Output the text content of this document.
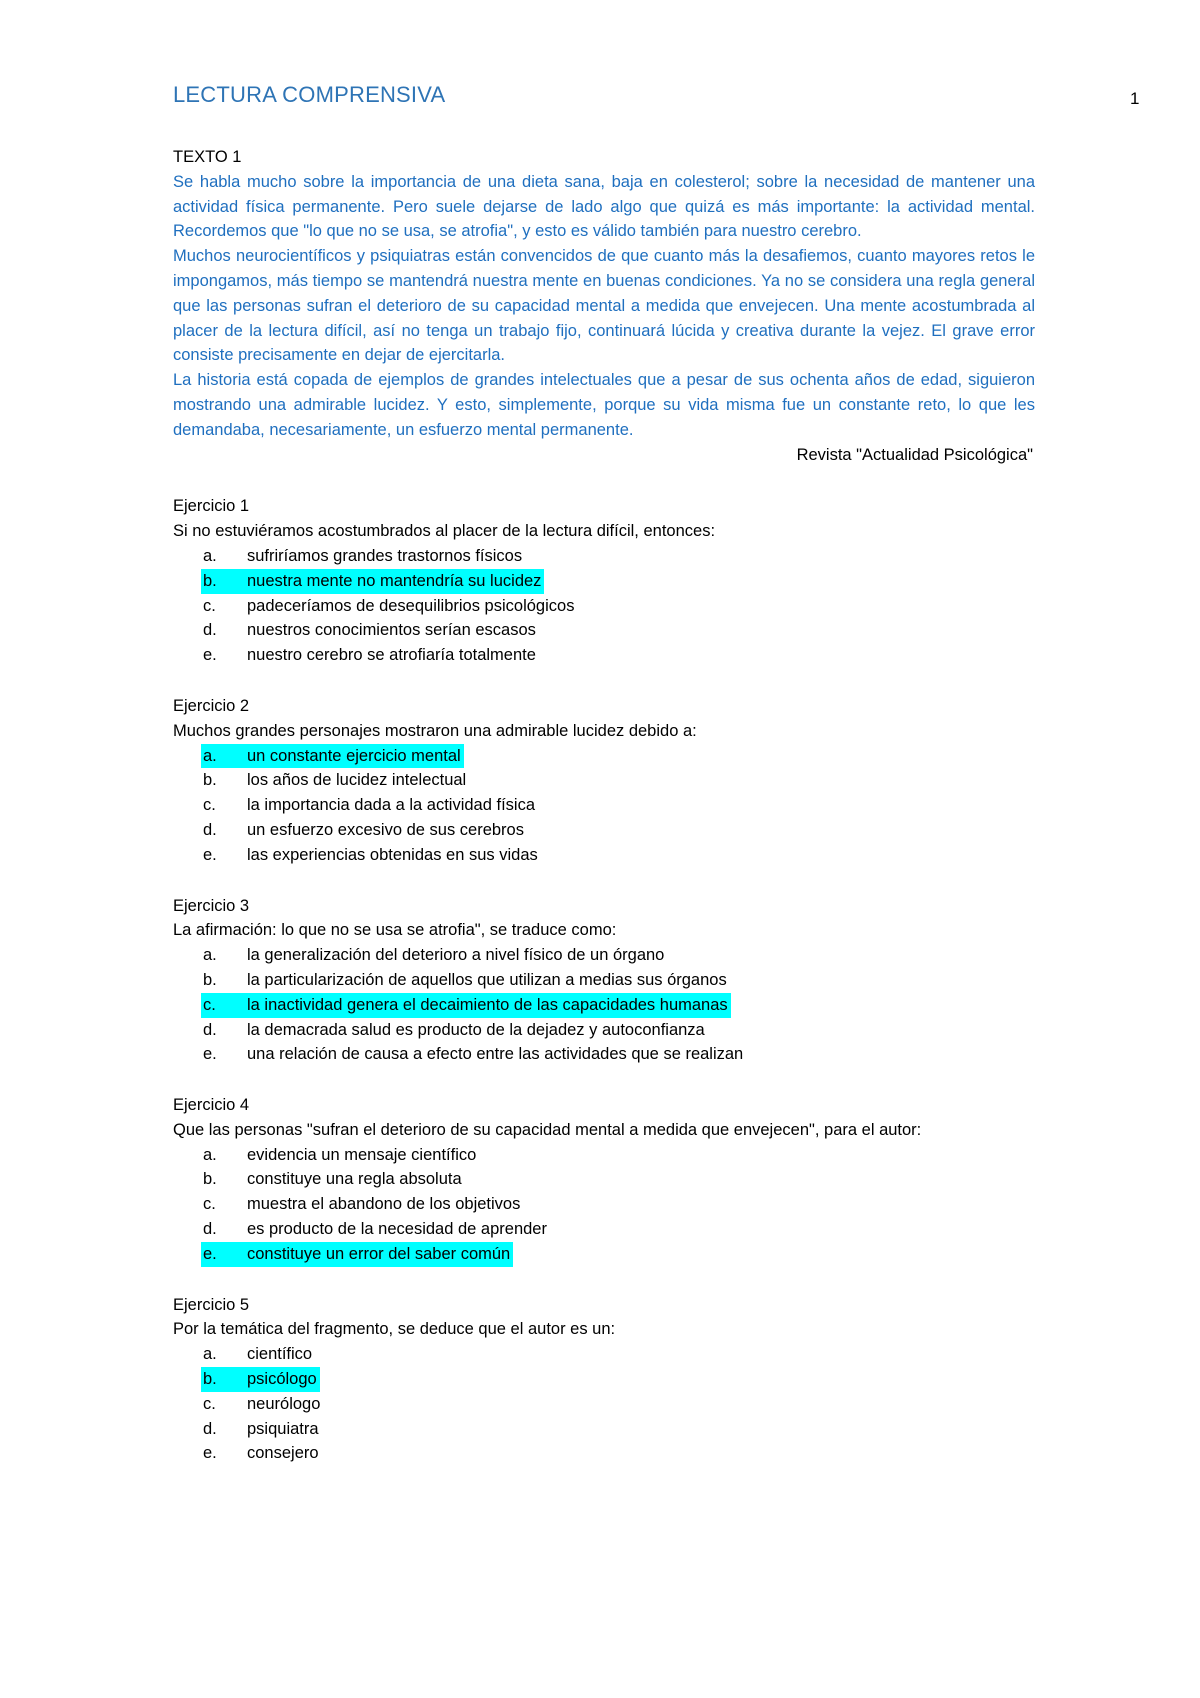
LECTURA COMPRENSIVA	1

TEXTO 1

Se habla mucho sobre la importancia de una dieta sana, baja en colesterol; sobre la necesidad de mantener una actividad física permanente. Pero suele dejarse de lado algo que quizá es más importante: la actividad mental. Recordemos que "lo que no se usa, se atrofia", y esto es válido también para nuestro cerebro.

Muchos neurocientíficos y psiquiatras están convencidos de que cuanto más la desafiemos, cuanto mayores retos le impongamos, más tiempo se mantendrá nuestra mente en buenas condiciones. Ya no se considera una regla general que las personas sufran el deterioro de su capacidad mental a medida que envejecen. Una mente acostumbrada al placer de la lectura difícil, así no tenga un trabajo fijo, continuará lúcida y creativa durante la vejez. El grave error consiste precisamente en dejar de ejercitarla.

La historia está copada de ejemplos de grandes intelectuales que a pesar de sus ochenta años de edad, siguieron mostrando una admirable lucidez. Y esto, simplemente, porque su vida misma fue un constante reto, lo que les demandaba, necesariamente, un esfuerzo mental permanente.

Revista "Actualidad Psicológica"

Ejercicio 1

Si no estuviéramos acostumbrados al placer de la lectura difícil, entonces:

a. sufriríamos grandes trastornos físicos
b. nuestra mente no mantendría su lucidez
c. padeceríamos de desequilibrios psicológicos
d. nuestros conocimientos serían escasos
e. nuestro cerebro se atrofiaría totalmente

Ejercicio 2

Muchos grandes personajes mostraron una admirable lucidez debido a:

a. un constante ejercicio mental
b. los años de lucidez intelectual
c. la importancia dada a la actividad física
d. un esfuerzo excesivo de sus cerebros
e. las experiencias obtenidas en sus vidas

Ejercicio 3

La afirmación: lo que no se usa se atrofia", se traduce como:

a. la generalización del deterioro a nivel físico de un órgano
b. la particularización de aquellos que utilizan a medias sus órganos
c. la inactividad genera el decaimiento de las capacidades humanas
d. la demacrada salud es producto de la dejadez y autoconfianza
e. una relación de causa a efecto entre las actividades que se realizan

Ejercicio 4

Que las personas "sufran el deterioro de su capacidad mental a medida que envejecen", para el autor:

a. evidencia un mensaje científico
b. constituye una regla absoluta
c. muestra el abandono de los objetivos
d. es producto de la necesidad de aprender
e. constituye un error del saber común

Ejercicio 5

Por la temática del fragmento, se deduce que el autor es un:

a. científico
b. psicólogo
c. neurólogo
d. psiquiatra
e. consejero
